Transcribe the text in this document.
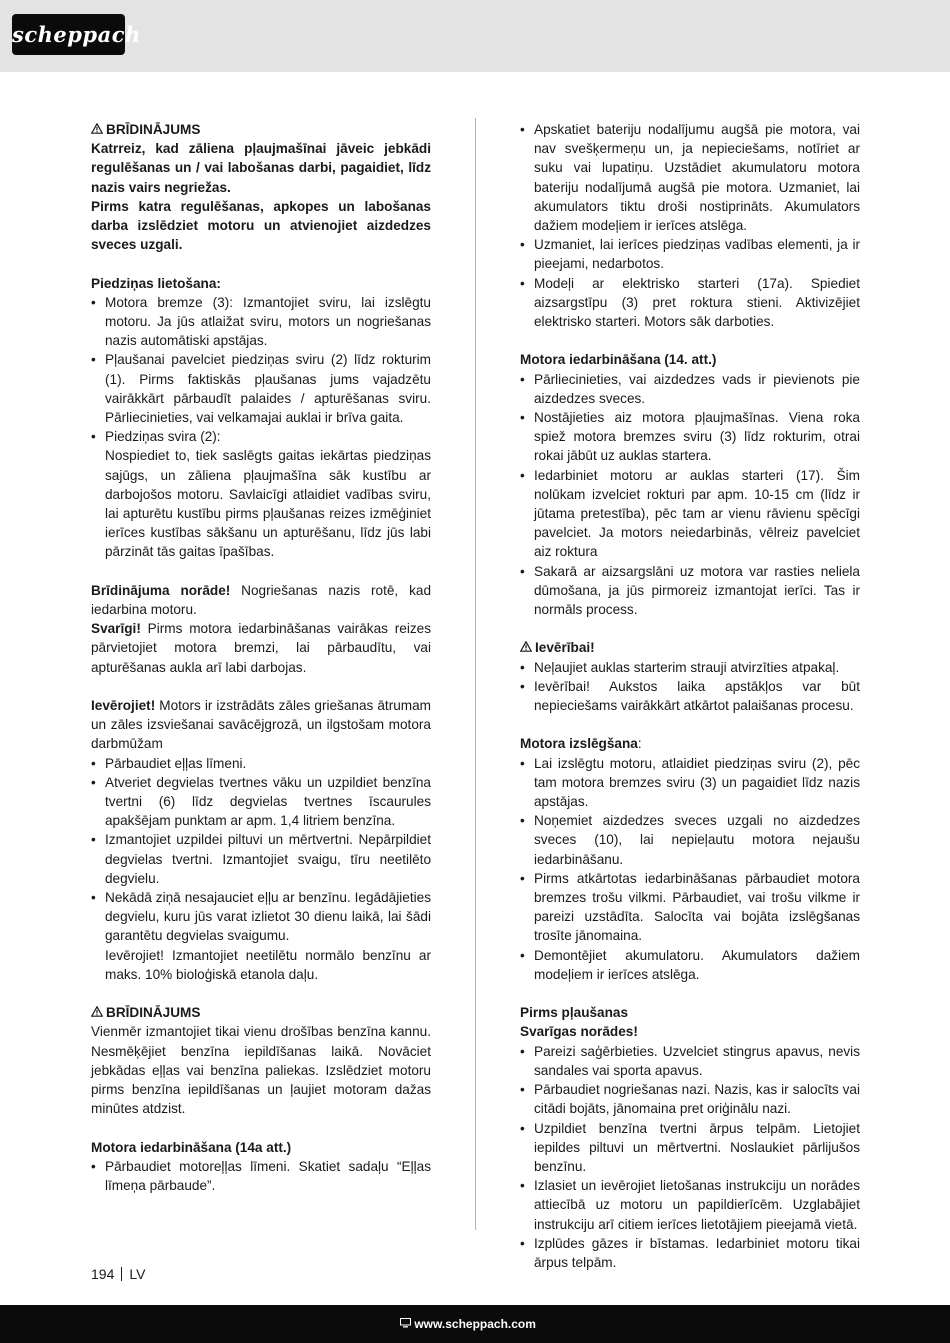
scheppach

BRĪDINĀJUMS

Katrreiz, kad zāliena pļaujmašīnai jāveic jebkādi regulēšanas un / vai labošanas darbi, pagaidiet, līdz nazis vairs negriežas.
Pirms katra regulēšanas, apkopes un labošanas darba izslēdziet motoru un atvienojiet aizdedzes sveces uzgali.

Piedziņas lietošana:

• Motora bremze (3): Izmantojiet sviru, lai izslēgtu motoru. Ja jūs atlaižat sviru, motors un nogriešanas nazis automātiski apstājas.
• Pļaušanai pavelciet piedziņas sviru (2) līdz rokturim (1). Pirms faktiskās pļaušanas jums vajadzētu vairākkārt pārbaudīt palaides / apturēšanas sviru. Pārliecinieties, vai velkamajai auklai ir brīva gaita.
• Piedziņas svira (2):
Nospiediet to, tiek saslēgts gaitas iekārtas piedziņas sajūgs, un zāliena pļaujmašīna sāk kustību ar darbojošos motoru. Savlaicīgi atlaidiet vadības sviru, lai apturētu kustību pirms pļaušanas reizes izmēģiniet ierīces kustības sākšanu un apturēšanu, līdz jūs labi pārzināt tās gaitas īpašības.

Brīdinājuma norāde! Nogriešanas nazis rotē, kad iedarbina motoru.

Svarīgi! Pirms motora iedarbināšanas vairākas reizes pārvietojiet motora bremzi, lai pārbaudītu, vai apturēšanas aukla arī labi darbojas.

Ievērojiet! Motors ir izstrādāts zāles griešanas ātrumam un zāles izsviešanai savācējgrozā, un ilgstošam motora darbmūžam

• Pārbaudiet eļļas līmeni.
• Atveriet degvielas tvertnes vāku un uzpildiet benzīna tvertni (6) līdz degvielas tvertnes īscaurules apakšējam punktam ar apm. 1,4 litriem benzīna.
• Izmantojiet uzpildei piltuvi un mērtvertni. Nepārpildiet degvielas tvertni. Izmantojiet svaigu, tīru neetilēto degvielu.
• Nekādā ziņā nesajauciet eļļu ar benzīnu. Iegādājieties degvielu, kuru jūs varat izlietot 30 dienu laikā, lai šādi garantētu degvielas svaigumu.
Ievērojiet! Izmantojiet neetilētu normālo benzīnu ar maks. 10% bioloģiskā etanola daļu.

BRĪDINĀJUMS

Vienmēr izmantojiet tikai vienu drošības benzīna kannu. Nesmēķējiet benzīna iepildīšanas laikā. Novāciet jebkādas eļļas vai benzīna paliekas. Izslēdziet motoru pirms benzīna iepildīšanas un ļaujiet motoram dažas minūtes atdzist.

Motora iedarbināšana (14a att.)

• Pārbaudiet motoreļļas līmeni. Skatiet sadaļu “Eļļas līmeņa pārbaude”.
• Apskatiet bateriju nodalījumu augšā pie motora, vai nav svešķermeņu un, ja nepieciešams, notīriet ar suku vai lupatiņu. Uzstādiet akumulatoru motora bateriju nodalījumā augšā pie motora. Uzmaniet, lai akumulators tiktu droši nostiprināts. Akumulators dažiem modeļiem ir ierīces atslēga.
• Uzmaniet, lai ierīces piedziņas vadības elementi, ja ir pieejami, nedarbotos.
• Modeļi ar elektrisko starteri (17a). Spiediet aizsargstīpu (3) pret roktura stieni. Aktivizējiet elektrisko starteri. Motors sāk darboties.

Motora iedarbināšana (14. att.)

• Pārliecinieties, vai aizdedzes vads ir pievienots pie aizdedzes sveces.
• Nostājieties aiz motora pļaujmašīnas. Viena roka spiež motora bremzes sviru (3) līdz rokturim, otrai rokai jābūt uz auklas startera.
• Iedarbiniet motoru ar auklas starteri (17). Šim nolūkam izvelciet rokturi par apm. 10-15 cm (līdz ir jūtama pretestība), pēc tam ar vienu rāvienu spēcīgi pavelciet. Ja motors neiedarbinās, vēlreiz pavelciet aiz roktura
• Sakarā ar aizsargslāni uz motora var rasties neliela dūmošana, ja jūs pirmoreiz izmantojat ierīci. Tas ir normāls process.

Ievērībai!

• Neļaujiet auklas starterim strauji atvirzīties atpakaļ.
• Ievērībai! Aukstos laika apstākļos var būt nepieciešams vairākkārt atkārtot palaišanas procesu.

Motora izslēgšana:

• Lai izslēgtu motoru, atlaidiet piedziņas sviru (2), pēc tam motora bremzes sviru (3) un pagaidiet līdz nazis apstājas.
• Noņemiet aizdedzes sveces uzgali no aizdedzes sveces (10), lai nepieļautu motora nejaušu iedarbināšanu.
• Pirms atkārtotas iedarbināšanas pārbaudiet motora bremzes trošu vilkmi. Pārbaudiet, vai trošu vilkme ir pareizi uzstādīta. Salocīta vai bojāta izslēgšanas trosīte jānomaina.
• Demontējiet akumulatoru. Akumulators dažiem modeļiem ir ierīces atslēga.

Pirms pļaušanas

Svarīgas norādes!

• Pareizi saģērbieties. Uzvelciet stingrus apavus, nevis sandales vai sporta apavus.
• Pārbaudiet nogriešanas nazi. Nazis, kas ir salocīts vai citādi bojāts, jānomaina pret oriģinālu nazi.
• Uzpildiet benzīna tvertni ārpus telpām. Lietojiet iepildes piltuvi un mērtvertni. Noslaukiet pārlijušos benzīnu.
• Izlasiet un ievērojiet lietošanas instrukciju un norādes attiecībā uz motoru un papildierīcēm. Uzglabājiet instrukciju arī citiem ierīces lietotājiem pieejamā vietā.
• Izplūdes gāzes ir bīstamas. Iedarbiniet motoru tikai ārpus telpām.
194 LV
www.scheppach.com
